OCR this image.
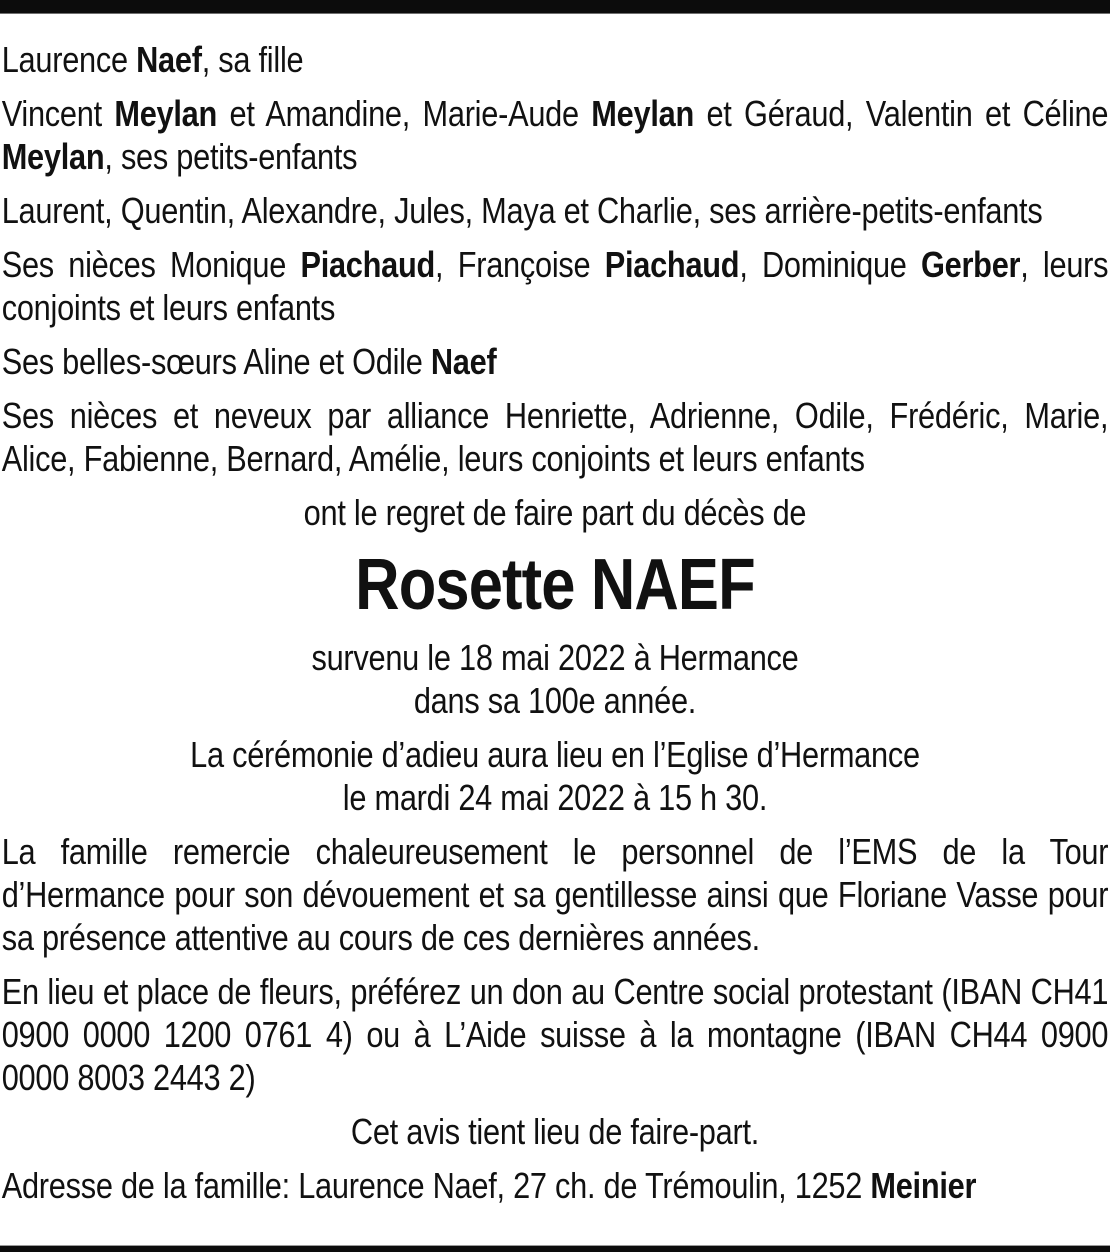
Laurence Naef, sa fille

Vincent Meylan et Amandine, Marie-Aude Meylan et Géraud, Valentin et Céline Meylan, ses petits-enfants

Laurent, Quentin, Alexandre, Jules, Maya et Charlie, ses arrière-petits-enfants

Ses nièces Monique Piachaud, Françoise Piachaud, Dominique Gerber, leurs conjoints et leurs enfants

Ses belles-sœurs Aline et Odile Naef

Ses nièces et neveux par alliance Henriette, Adrienne, Odile, Frédéric, Marie, Alice, Fabienne, Bernard, Amélie, leurs conjoints et leurs enfants

ont le regret de faire part du décès de

Rosette NAEF

survenu le 18 mai 2022 à Hermance
dans sa 100e année.

La cérémonie d’adieu aura lieu en l’Eglise d’Hermance
le mardi 24 mai 2022 à 15 h 30.

La famille remercie chaleureusement le personnel de l’EMS de la Tour d’Hermance pour son dévouement et sa gentillesse ainsi que Floriane Vasse pour sa présence attentive au cours de ces dernières années.

En lieu et place de fleurs, préférez un don au Centre social protestant (IBAN CH41 0900 0000 1200 0761 4) ou à L’Aide suisse à la montagne (IBAN CH44 0900 0000 8003 2443 2)

Cet avis tient lieu de faire-part.

Adresse de la famille: Laurence Naef, 27 ch. de Trémoulin, 1252 Meinier
